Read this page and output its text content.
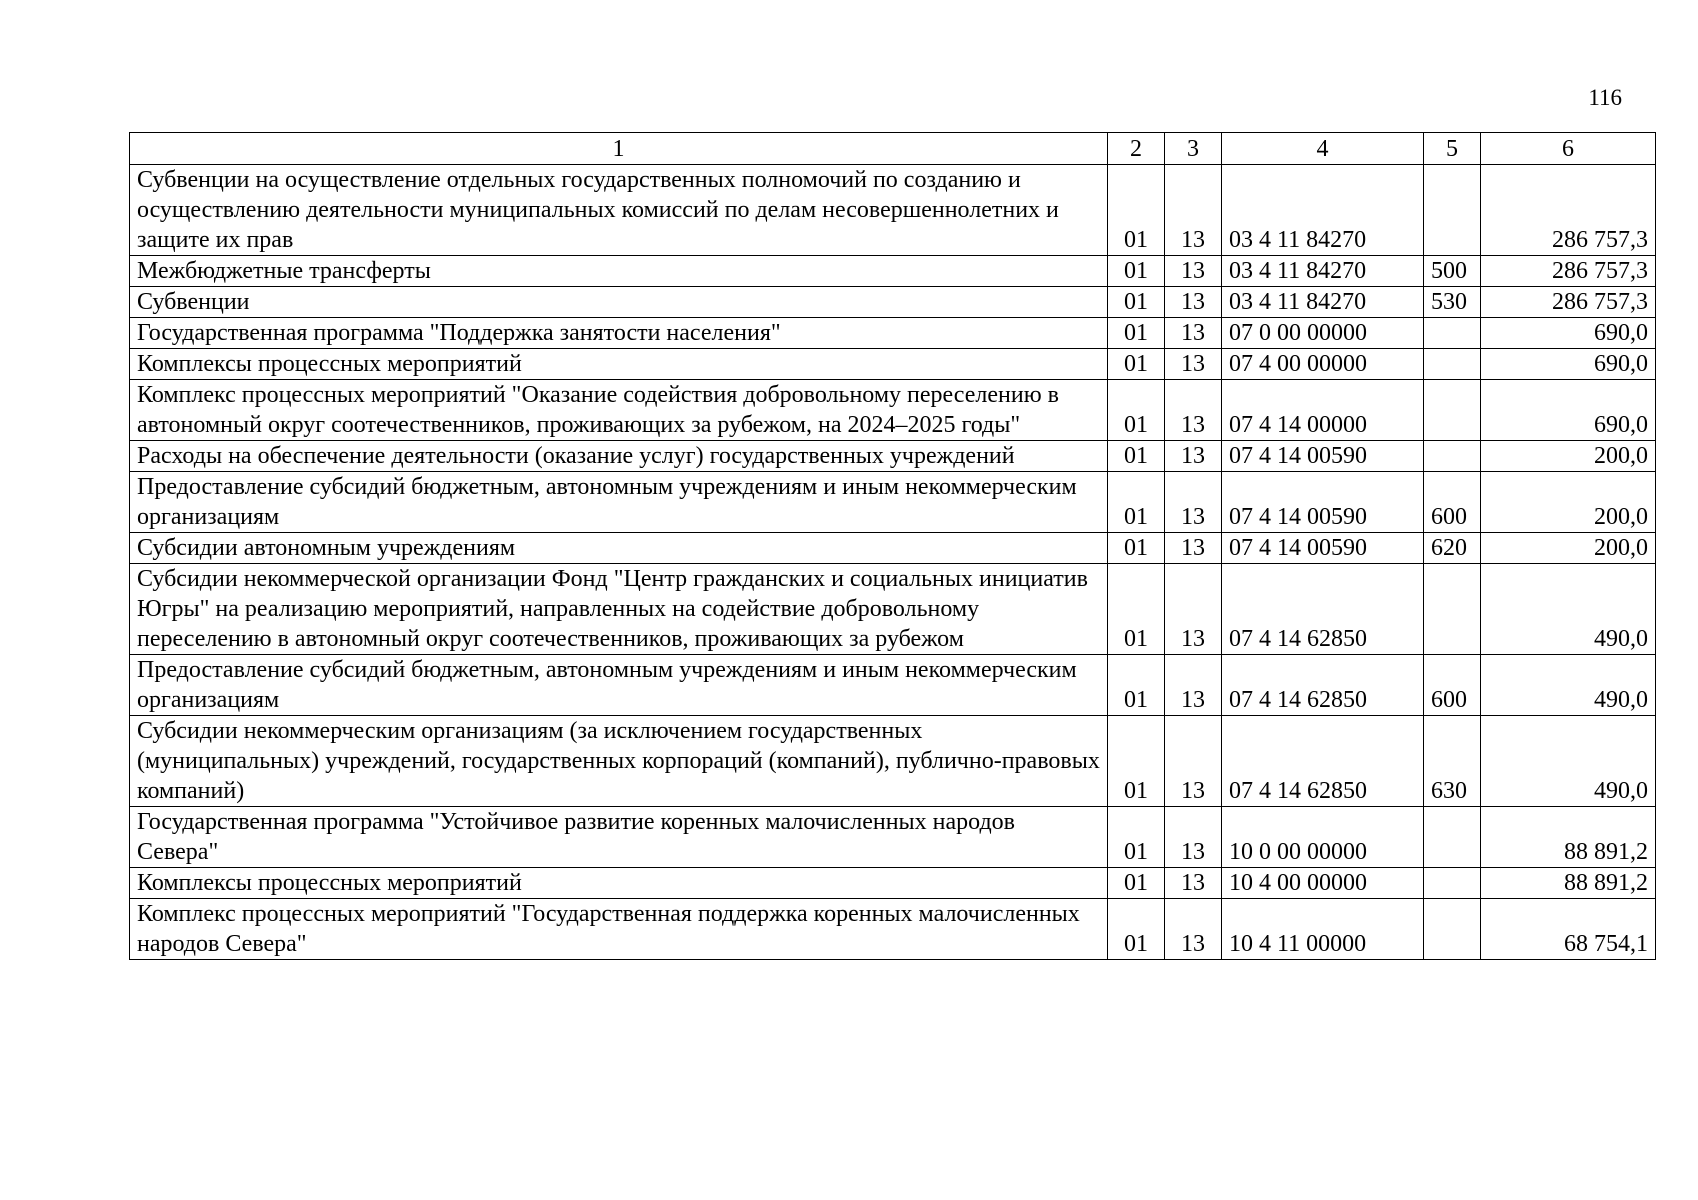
116
1	2	3	4	5	6
Субвенции на осуществление отдельных государственных полномочий по созданию и осуществлению деятельности муниципальных комиссий по делам несовершеннолетних и защите их прав	01	13	03 4 11 84270		286 757,3
Межбюджетные трансферты	01	13	03 4 11 84270	500	286 757,3
Субвенции	01	13	03 4 11 84270	530	286 757,3
Государственная программа "Поддержка занятости населения"	01	13	07 0 00 00000		690,0
Комплексы процессных мероприятий	01	13	07 4 00 00000		690,0
Комплекс процессных мероприятий "Оказание содействия добровольному переселению в автономный округ соотечественников, проживающих за рубежом, на 2024–2025 годы"	01	13	07 4 14 00000		690,0
Расходы на обеспечение деятельности (оказание услуг) государственных учреждений	01	13	07 4 14 00590		200,0
Предоставление субсидий бюджетным, автономным учреждениям и иным некоммерческим организациям	01	13	07 4 14 00590	600	200,0
Субсидии автономным учреждениям	01	13	07 4 14 00590	620	200,0
Субсидии некоммерческой организации Фонд "Центр гражданских и социальных инициатив Югры" на реализацию мероприятий, направленных на содействие добровольному переселению в автономный округ соотечественников, проживающих за рубежом	01	13	07 4 14 62850		490,0
Предоставление субсидий бюджетным, автономным учреждениям и иным некоммерческим организациям	01	13	07 4 14 62850	600	490,0
Субсидии некоммерческим организациям (за исключением государственных (муниципальных) учреждений, государственных корпораций (компаний), публично-правовых компаний)	01	13	07 4 14 62850	630	490,0
Государственная программа "Устойчивое развитие коренных малочисленных народов Севера"	01	13	10 0 00 00000		88 891,2
Комплексы процессных мероприятий	01	13	10 4 00 00000		88 891,2
Комплекс процессных мероприятий "Государственная поддержка коренных малочисленных народов Севера"	01	13	10 4 11 00000		68 754,1
